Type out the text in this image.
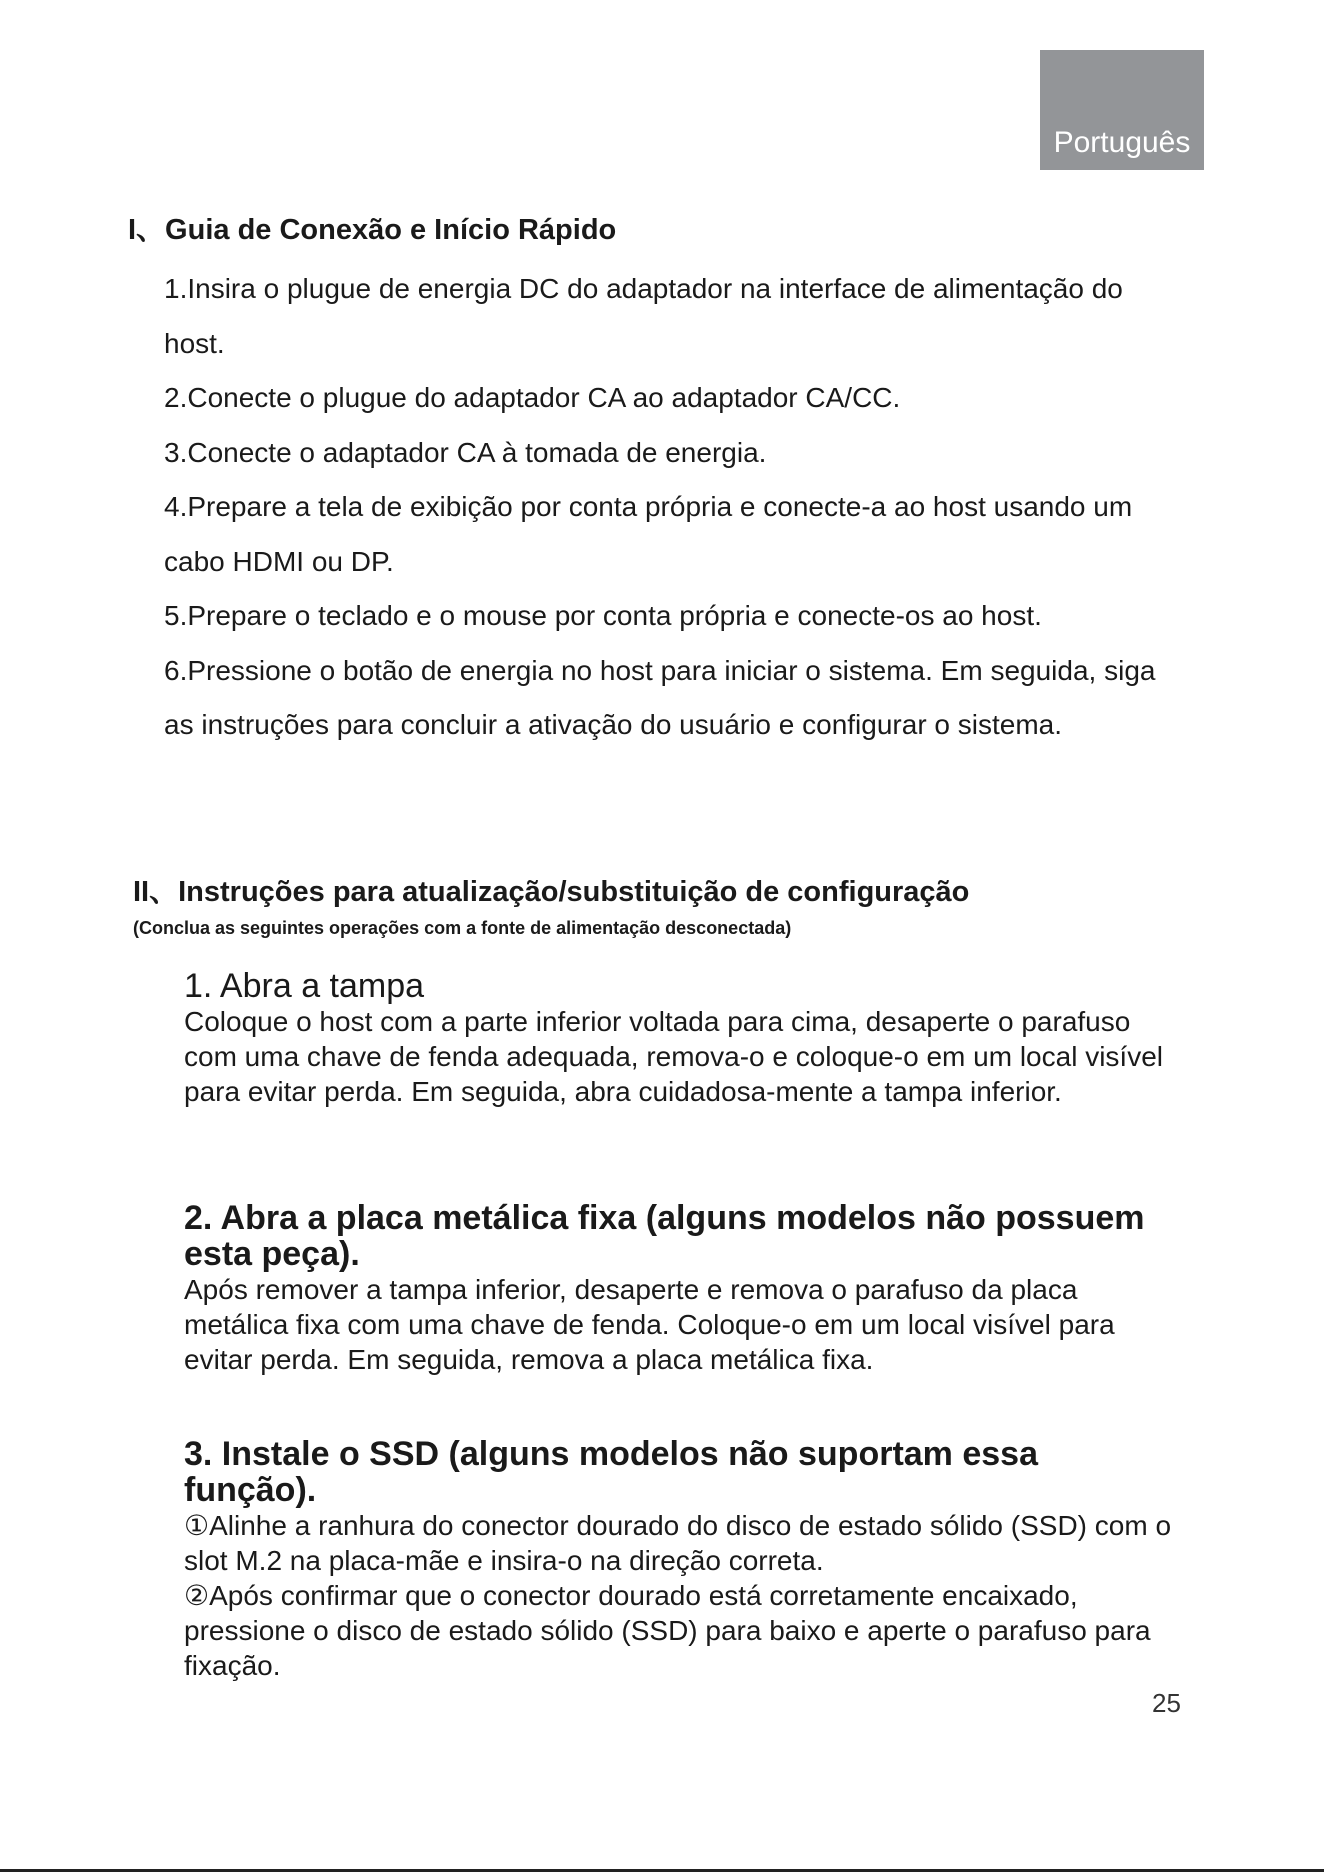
Português
I、Guia de Conexão e Início Rápido
1.Insira o plugue de energia DC do adaptador na interface de alimentação do host.
2.Conecte o plugue do adaptador CA ao adaptador CA/CC.
3.Conecte o adaptador CA à tomada de energia.
4.Prepare a tela de exibição por conta própria e conecte-a ao host usando um cabo HDMI ou DP.
5.Prepare o teclado e o mouse por conta própria e conecte-os ao host.
6.Pressione o botão de energia no host para iniciar o sistema. Em seguida, siga as instruções para concluir a ativação do usuário e configurar o sistema.
II、Instruções para atualização/substituição de configuração

(Conclua as seguintes operações com a fonte de alimentação desconectada)

1. Abra a tampa

Coloque o host com a parte inferior voltada para cima, desaperte o parafuso com uma chave de fenda adequada, remova-o e coloque-o em um local visível para evitar perda. Em seguida, abra cuidadosa-mente a tampa inferior.

2. Abra a placa metálica fixa (alguns modelos não possuem esta peça).

Após remover a tampa inferior, desaperte e remova o parafuso da placa metálica fixa com uma chave de fenda. Coloque-o em um local visível para evitar perda. Em seguida, remova a placa metálica fixa.

3. Instale o SSD (alguns modelos não suportam essa função).

①Alinhe a ranhura do conector dourado do disco de estado sólido (SSD) com o slot M.2 na placa-mãe e insira-o na direção correta.

②Após confirmar que o conector dourado está corretamente encaixado, pressione o disco de estado sólido (SSD) para baixo e aperte o parafuso para fixação.

25
